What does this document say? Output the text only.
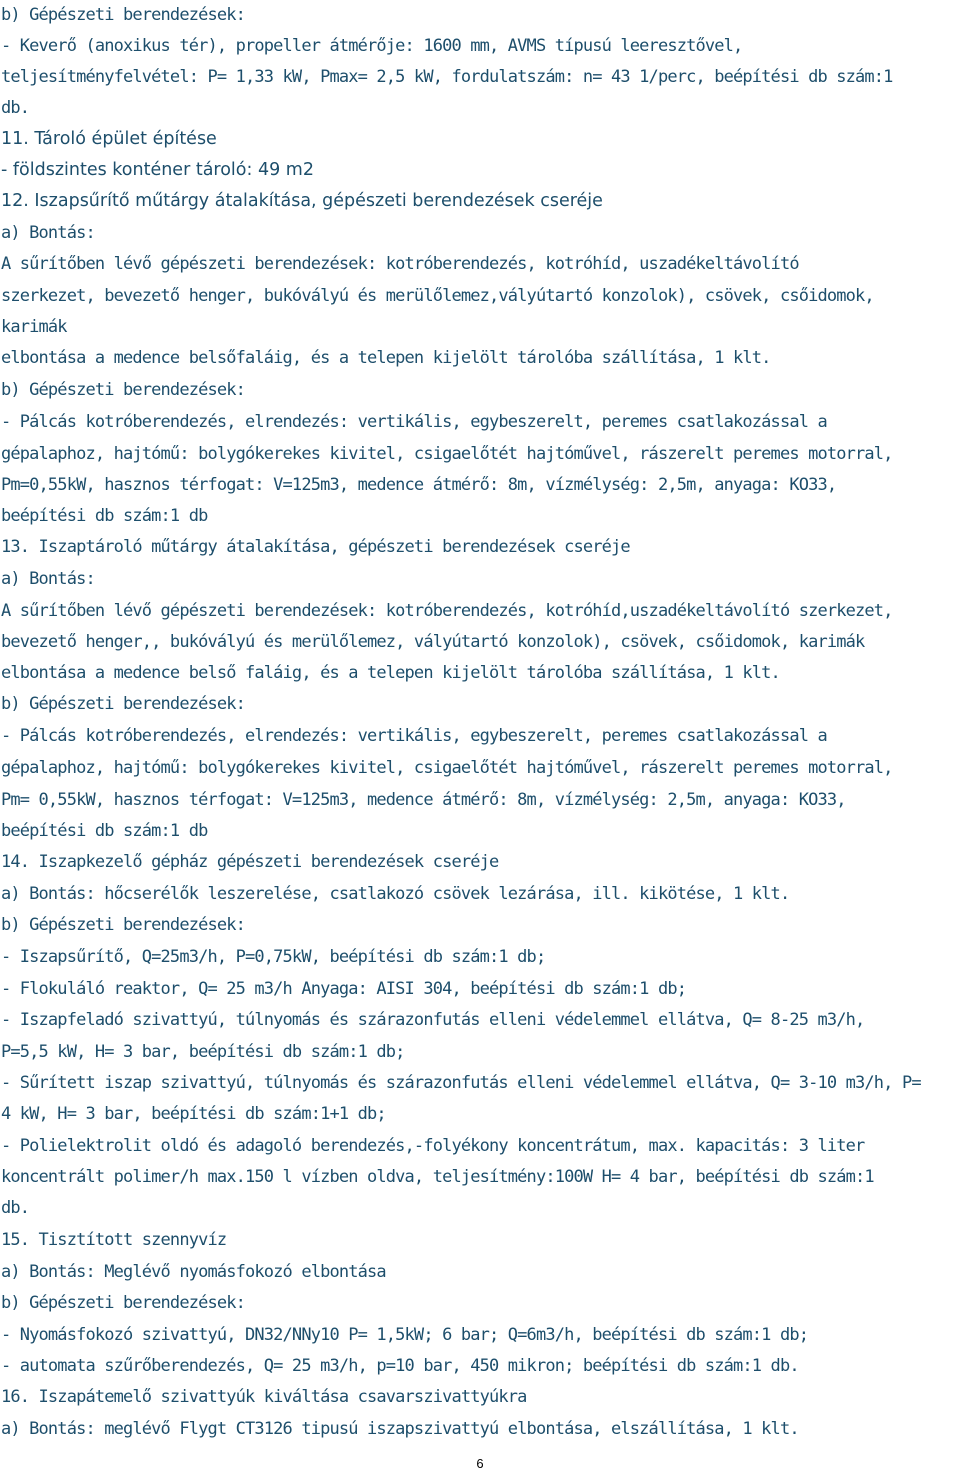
b) Gépészeti berendezések:
- Keverő (anoxikus tér), propeller átmérője: 1600 mm, AVMS típusú leeresztővel,
teljesítményfelvétel: P= 1,33 kW, Pmax= 2,5 kW, fordulatszám: n= 43 1/perc, beépítési db szám:1
db.
11. Tároló épület építése
- földszintes konténer tároló: 49 m2
12. Iszapsűrítő műtárgy átalakítása, gépészeti berendezések cseréje
a) Bontás:
A sűrítőben lévő gépészeti berendezések: kotróberendezés, kotróhíd, uszadékeltávolító
szerkezet, bevezető henger, bukóvályú és merülőlemez,vályútartó konzolok), csövek, csőidomok,
karimák
elbontása a medence belsőfaláig, és a telepen kijelölt tárolóba szállítása, 1 klt.
b) Gépészeti berendezések:
- Pálcás kotróberendezés, elrendezés: vertikális, egybeszerelt, peremes csatlakozással a
gépalaphoz, hajtómű: bolygókerekes kivitel, csigaelőtét hajtóművel, rászerelt peremes motorral,
Pm=0,55kW, hasznos térfogat: V=125m3, medence átmérő: 8m, vízmélység: 2,5m, anyaga: KO33,
beépítési db szám:1 db
13. Iszaptároló műtárgy átalakítása, gépészeti berendezések cseréje
a) Bontás:
A sűrítőben lévő gépészeti berendezések: kotróberendezés, kotróhíd,uszadékeltávolító szerkezet,
bevezető henger,, bukóvályú és merülőlemez, vályútartó konzolok), csövek, csőidomok, karimák
elbontása a medence belső faláig, és a telepen kijelölt tárolóba szállítása, 1 klt.
b) Gépészeti berendezések:
- Pálcás kotróberendezés, elrendezés: vertikális, egybeszerelt, peremes csatlakozással a
gépalaphoz, hajtómű: bolygókerekes kivitel, csigaelőtét hajtóművel, rászerelt peremes motorral,
Pm= 0,55kW, hasznos térfogat: V=125m3, medence átmérő: 8m, vízmélység: 2,5m, anyaga: KO33,
beépítési db szám:1 db
14. Iszapkezelő gépház gépészeti berendezések cseréje
a) Bontás: hőcserélők leszerelése, csatlakozó csövek lezárása, ill. kikötése, 1 klt.
b) Gépészeti berendezések:
- Iszapsűrítő, Q=25m3/h, P=0,75kW, beépítési db szám:1 db;
- Flokuláló reaktor, Q= 25 m3/h Anyaga: AISI 304, beépítési db szám:1 db;
- Iszapfeladó szivattyú, túlnyomás és szárazonfutás elleni védelemmel ellátva, Q= 8-25 m3/h,
P=5,5 kW, H= 3 bar, beépítési db szám:1 db;
- Sűrített iszap szivattyú, túlnyomás és szárazonfutás elleni védelemmel ellátva, Q= 3-10 m3/h, P=
4 kW, H= 3 bar, beépítési db szám:1+1 db;
- Polielektrolit oldó és adagoló berendezés,-folyékony koncentrátum, max. kapacitás: 3 liter
koncentrált polimer/h max.150 l vízben oldva, teljesítmény:100W H= 4 bar, beépítési db szám:1
db.
15. Tisztított szennyvíz
a) Bontás: Meglévő nyomásfokozó elbontása
b) Gépészeti berendezések:
- Nyomásfokozó szivattyú, DN32/NNy10 P= 1,5kW; 6 bar; Q=6m3/h, beépítési db szám:1 db;
- automata szűrőberendezés, Q= 25 m3/h, p=10 bar, 450 mikron; beépítési db szám:1 db.
16. Iszapátemelő szivattyúk kiváltása csavarszivattyúkra
a) Bontás: meglévő Flygt CT3126 tipusú iszapszivattyú elbontása, elszállítása, 1 klt.
6
